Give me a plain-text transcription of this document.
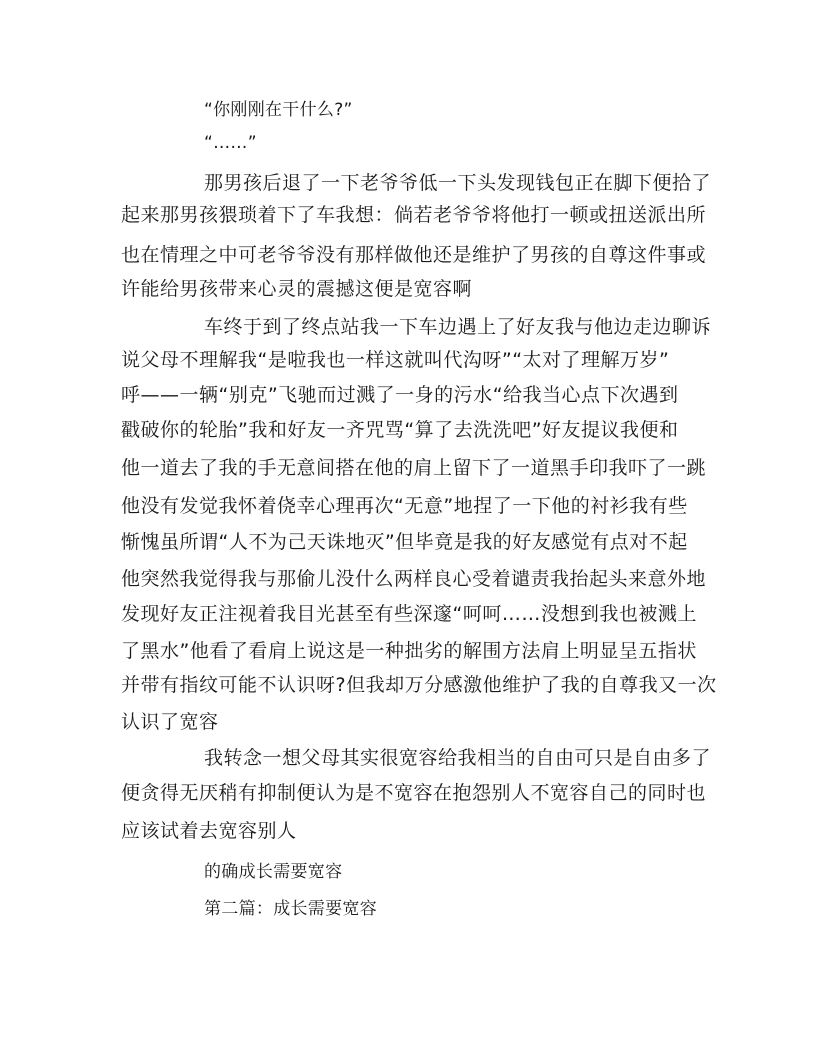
“你刚刚在干什么?”
“……”
那男孩后退了一下老爷爷低一下头发现钱包正在脚下便拾了
起来那男孩猥琐着下了车我想：倘若老爷爷将他打一顿或扭送派出所
也在情理之中可老爷爷没有那样做他还是维护了男孩的自尊这件事或
许能给男孩带来心灵的震撼这便是宽容啊
车终于到了终点站我一下车边遇上了好友我与他边走边聊诉
说父母不理解我“是啦我也一样这就叫代沟呀”“太对了理解万岁”
呼——一辆“别克”飞驰而过溅了一身的污水“给我当心点下次遇到
戳破你的轮胎”我和好友一齐咒骂“算了去洗洗吧”好友提议我便和
他一道去了我的手无意间搭在他的肩上留下了一道黑手印我吓了一跳
他没有发觉我怀着侥幸心理再次“无意”地捏了一下他的衬衫我有些
惭愧虽所谓“人不为己天诛地灭”但毕竟是我的好友感觉有点对不起
他突然我觉得我与那偷儿没什么两样良心受着谴责我抬起头来意外地
发现好友正注视着我目光甚至有些深邃“呵呵……没想到我也被溅上
了黑水”他看了看肩上说这是一种拙劣的解围方法肩上明显呈五指状
并带有指纹可能不认识呀?但我却万分感激他维护了我的自尊我又一次
认识了宽容
我转念一想父母其实很宽容给我相当的自由可只是自由多了
便贪得无厌稍有抑制便认为是不宽容在抱怨别人不宽容自己的同时也
应该试着去宽容别人
的确成长需要宽容
第二篇：成长需要宽容
